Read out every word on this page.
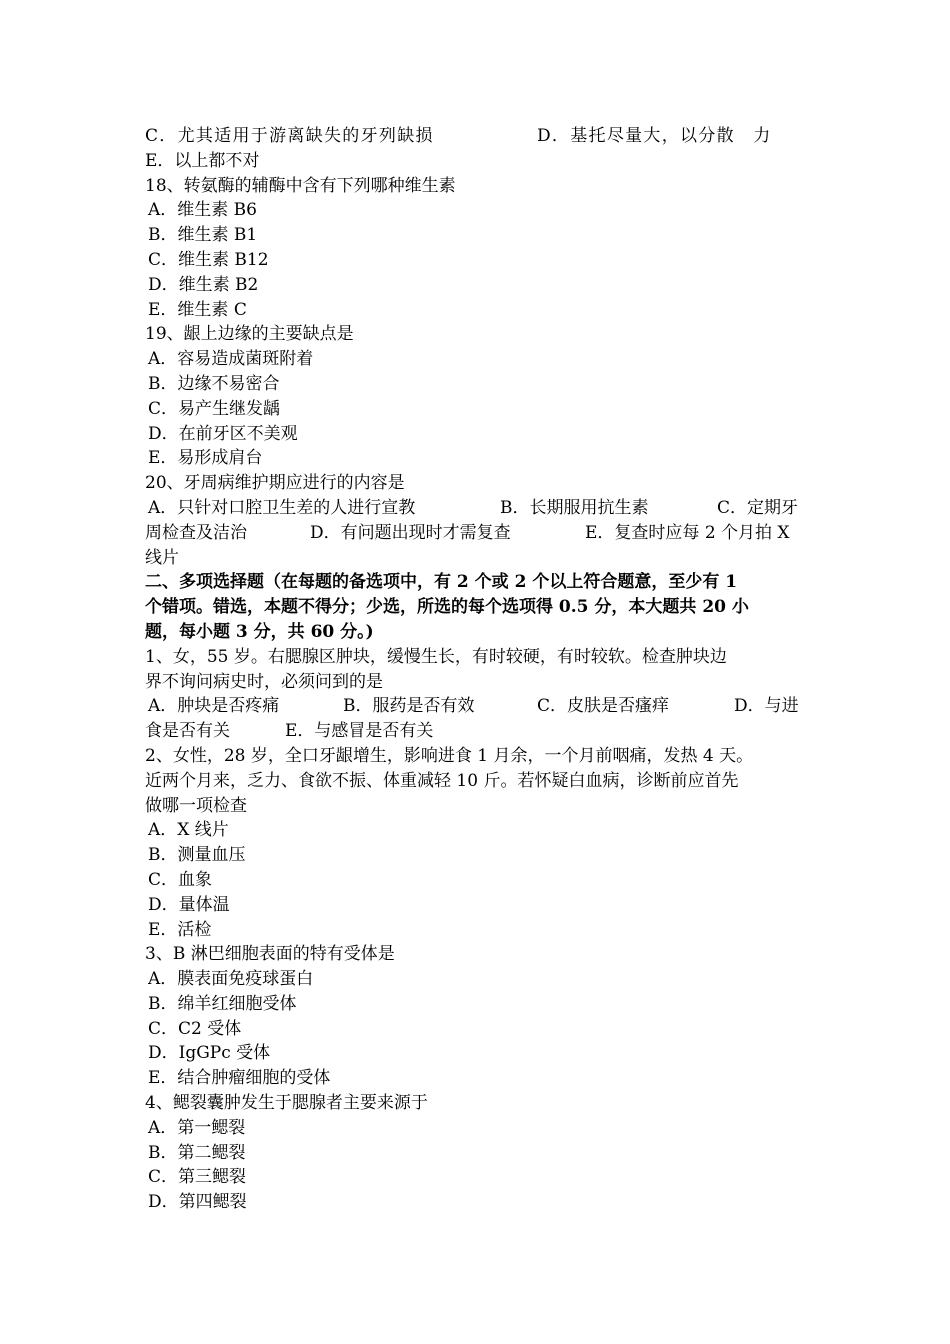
C．尤其适用于游离缺失的牙列缺损	D．基托尽量大，以分散　力
E．以上都不对
18、转氨酶的辅酶中含有下列哪种维生素
A．维生素 B6
B．维生素 B1
C．维生素 B12
D．维生素 B2
E．维生素 C
19、龈上边缘的主要缺点是
A．容易造成菌斑附着
B．边缘不易密合
C．易产生继发龋
D．在前牙区不美观
E．易形成肩台
20、牙周病维护期应进行的内容是
A．只针对口腔卫生差的人进行宣教	B．长期服用抗生素	C．定期牙
周检查及洁治	D．有问题出现时才需复查	E．复查时应每 2 个月拍 X
线片
二、多项选择题（在每题的备选项中，有 2 个或 2 个以上符合题意，至少有 1
个错项。错选，本题不得分；少选，所选的每个选项得 0.5 分，本大题共 20 小
题，每小题 3 分，共 60 分。)
1、女，55 岁。右腮腺区肿块，缓慢生长，有时较硬，有时较软。检查肿块边
界不询问病史时，必须问到的是
A．肿块是否疼痛	B．服药是否有效	C．皮肤是否瘙痒	D．与进
食是否有关	E．与感冒是否有关
2、女性，28 岁，全口牙龈增生，影响进食 1 月余，一个月前咽痛，发热 4 天。
近两个月来，乏力、食欲不振、体重减轻 10 斤。若怀疑白血病，诊断前应首先
做哪一项检查
A．X 线片
B．测量血压
C．血象
D．量体温
E．活检
3、B 淋巴细胞表面的特有受体是
A．膜表面免疫球蛋白
B．绵羊红细胞受体
C．C2 受体
D．IgGPc 受体
E．结合肿瘤细胞的受体
4、鳃裂囊肿发生于腮腺者主要来源于
A．第一鳃裂
B．第二鳃裂
C．第三鳃裂
D．第四鳃裂
